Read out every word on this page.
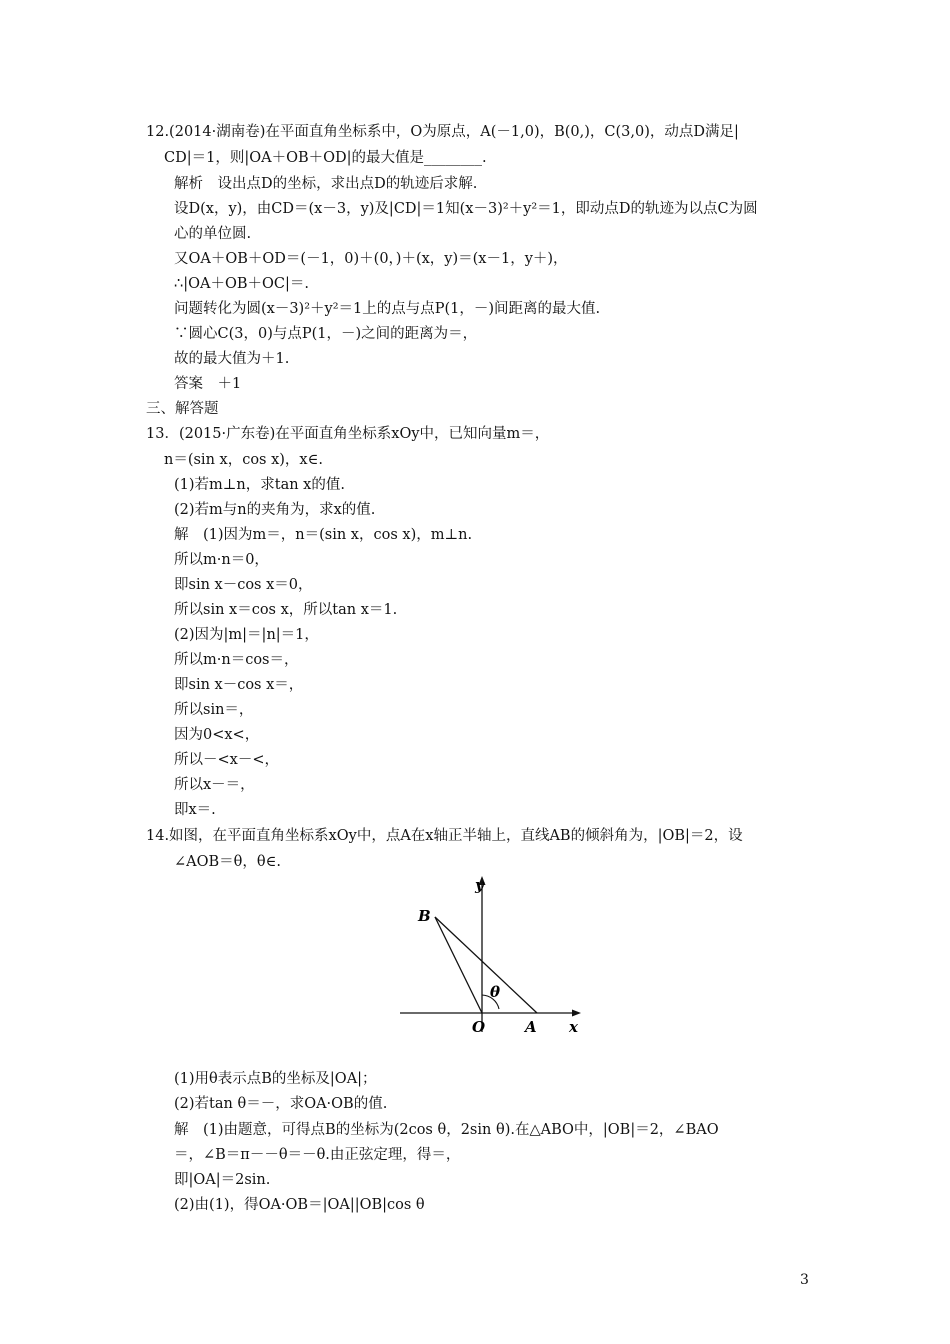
12.(2014·湖南卷)在平面直角坐标系中，O为原点，A(－1,0)，B(0,)，C(3,0)，动点D满足|
CD|＝1，则|OA＋OB＋OD|的最大值是________.
解析　设出点D的坐标，求出点D的轨迹后求解.
设D(x，y)，由CD＝(x－3，y)及|CD|＝1知(x－3)²＋y²＝1，即动点D的轨迹为以点C为圆
心的单位圆.
又OA＋OB＋OD＝(－1，0)＋(0，)＋(x，y)＝(x－1，y＋)，
∴|OA＋OB＋OC|＝.
问题转化为圆(x－3)²＋y²＝1上的点与点P(1，－)间距离的最大值.
∵圆心C(3，0)与点P(1，－)之间的距离为＝，
故的最大值为＋1.
答案　＋1
三、解答题
13．(2015·广东卷)在平面直角坐标系xOy中，已知向量m＝，
n＝(sin x，cos x)，x∈.
(1)若m⊥n，求tan x的值.
(2)若m与n的夹角为，求x的值.
解　(1)因为m＝，n＝(sin x，cos x)，m⊥n.
所以m·n＝0，
即sin x－cos x＝0，
所以sin x＝cos x，所以tan x＝1.
(2)因为|m|＝|n|＝1，
所以m·n＝cos＝，
即sin x－cos x＝，
所以sin＝，
因为0<x<，
所以－<x－<，
所以x－＝，
即x＝.
14.如图，在平面直角坐标系xOy中，点A在x轴正半轴上，直线AB的倾斜角为，|OB|＝2，设
∠AOB＝θ，θ∈.
y
B
θ
O	A x
(1)用θ表示点B的坐标及|OA|；
(2)若tan θ＝－，求OA·OB的值.
解　(1)由题意，可得点B的坐标为(2cos θ，2sin θ).在△ABO中，|OB|＝2，∠BAO
＝，∠B＝π－－θ＝－θ.由正弦定理，得＝，
即|OA|＝2sin.
(2)由(1)，得OA·OB＝|OA||OB|cos θ
3
